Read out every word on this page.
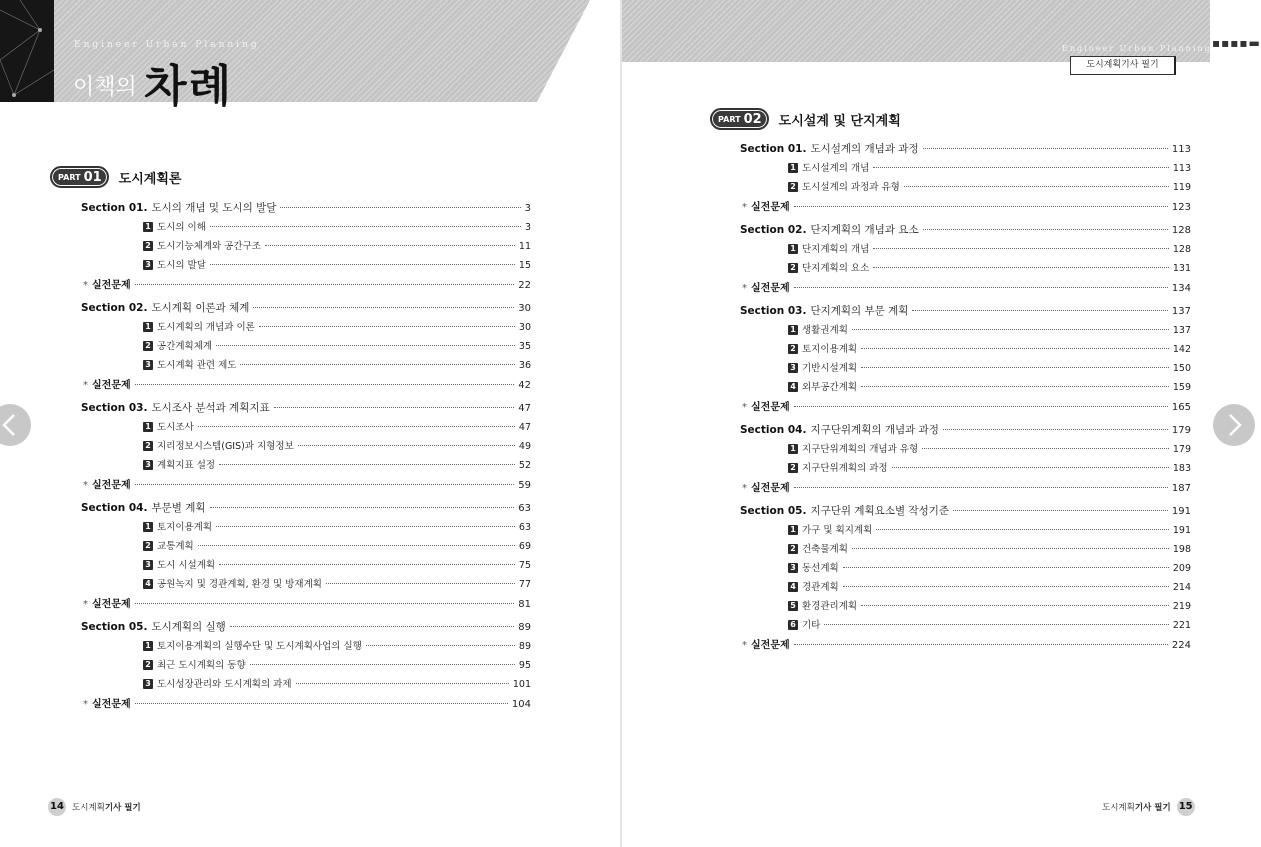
Engineer Urban Planning
이책의 차례
PART 01 도시계획론
Section 01. 도시의 개념 및 도시의 발달	3
1 도시의 이해	3
2 도시기능체계와 공간구조	11
3 도시의 발달	15
* 실전문제	22
Section 02. 도시계획 이론과 체계	30
1 도시계획의 개념과 이론	30
2 공간계획체계	35
3 도시계획 관련 제도	36
* 실전문제	42
Section 03. 도시조사 분석과 계획지표	47
1 도시조사	47
2 지리정보시스템(GIS)과 지형정보	49
3 계획지표 설정	52
* 실전문제	59
Section 04. 부문별 계획	63
1 토지이용계획	63
2 교통계획	69
3 도시 시설계획	75
4 공원녹지 및 경관계획, 환경 및 방재계획	77
* 실전문제	81
Section 05. 도시계획의 실행	89
1 토지이용계획의 실행수단 및 도시계획사업의 실행	89
2 최근 도시계획의 동향	95
3 도시성장관리와 도시계획의 과제	101
* 실전문제	104
14 도시계획 기사 필기
Engineer Urban Planning
도시계획기사 필기
▪▪▪▪▬
PART 02 도시설계 및 단지계획
Section 01. 도시설계의 개념과 과정	113
1 도시설계의 개념	113
2 도시설계의 과정과 유형	119
* 실전문제	123
Section 02. 단지계획의 개념과 요소	128
1 단지계획의 개념	128
2 단지계획의 요소	131
* 실전문제	134
Section 03. 단지계획의 부문 계획	137
1 생활권계획	137
2 토지이용계획	142
3 기반시설계획	150
4 외부공간계획	159
* 실전문제	165
Section 04. 지구단위계획의 개념과 과정	179
1 지구단위계획의 개념과 유형	179
2 지구단위계획의 과정	183
* 실전문제	187
Section 05. 지구단위 계획요소별 작성기준	191
1 가구 및 획지계획	191
2 건축물계획	198
3 동선계획	209
4 경관계획	214
5 환경관리계획	219
6 기타	221
* 실전문제	224
도시계획 기사 필기 15
